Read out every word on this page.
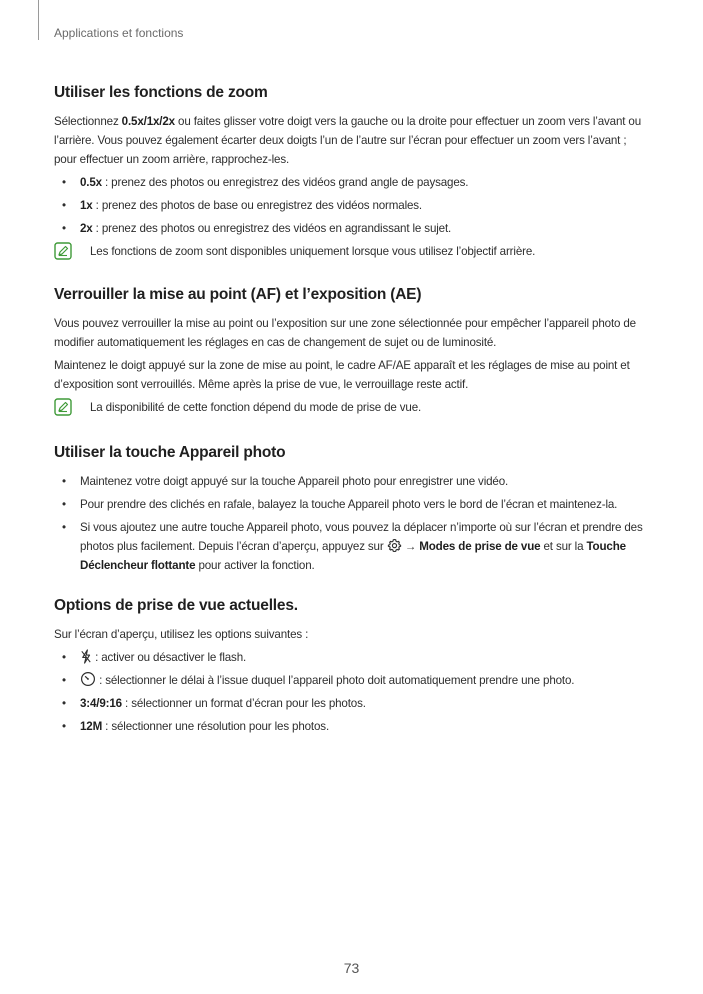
Applications et fonctions
Utiliser les fonctions de zoom

Sélectionnez 0.5x/1x/2x ou faites glisser votre doigt vers la gauche ou la droite pour effectuer un zoom vers l’avant ou l’arrière. Vous pouvez également écarter deux doigts l’un de l’autre sur l’écran pour effectuer un zoom vers l’avant ; pour effectuer un zoom arrière, rapprochez-les.

• 0.5x : prenez des photos ou enregistrez des vidéos grand angle de paysages.
• 1x : prenez des photos de base ou enregistrez des vidéos normales.
• 2x : prenez des photos ou enregistrez des vidéos en agrandissant le sujet.
Les fonctions de zoom sont disponibles uniquement lorsque vous utilisez l’objectif arrière.
Verrouiller la mise au point (AF) et l’exposition (AE)

Vous pouvez verrouiller la mise au point ou l’exposition sur une zone sélectionnée pour empêcher l’appareil photo de modifier automatiquement les réglages en cas de changement de sujet ou de luminosité.

Maintenez le doigt appuyé sur la zone de mise au point, le cadre AF/AE apparaît et les réglages de mise au point et d’exposition sont verrouillés. Même après la prise de vue, le verrouillage reste actif.

La disponibilité de cette fonction dépend du mode de prise de vue.
Utiliser la touche Appareil photo
• Maintenez votre doigt appuyé sur la touche Appareil photo pour enregistrer une vidéo.
• Pour prendre des clichés en rafale, balayez la touche Appareil photo vers le bord de l’écran et maintenez-la.
• Si vous ajoutez une autre touche Appareil photo, vous pouvez la déplacer n’importe où sur l’écran et prendre des photos plus facilement. Depuis l’écran d’aperçu, appuyez sur  → Modes de prise de vue et sur la Touche Déclencheur flottante pour activer la fonction.
Options de prise de vue actuelles.

Sur l’écran d’aperçu, utilisez les options suivantes :

• : activer ou désactiver le flash.
•	: sélectionner le délai à l’issue duquel l’appareil photo doit automatiquement prendre une photo.
• 3:4/9:16 : sélectionner un format d’écran pour les photos.
• 12M : sélectionner une résolution pour les photos.
73
